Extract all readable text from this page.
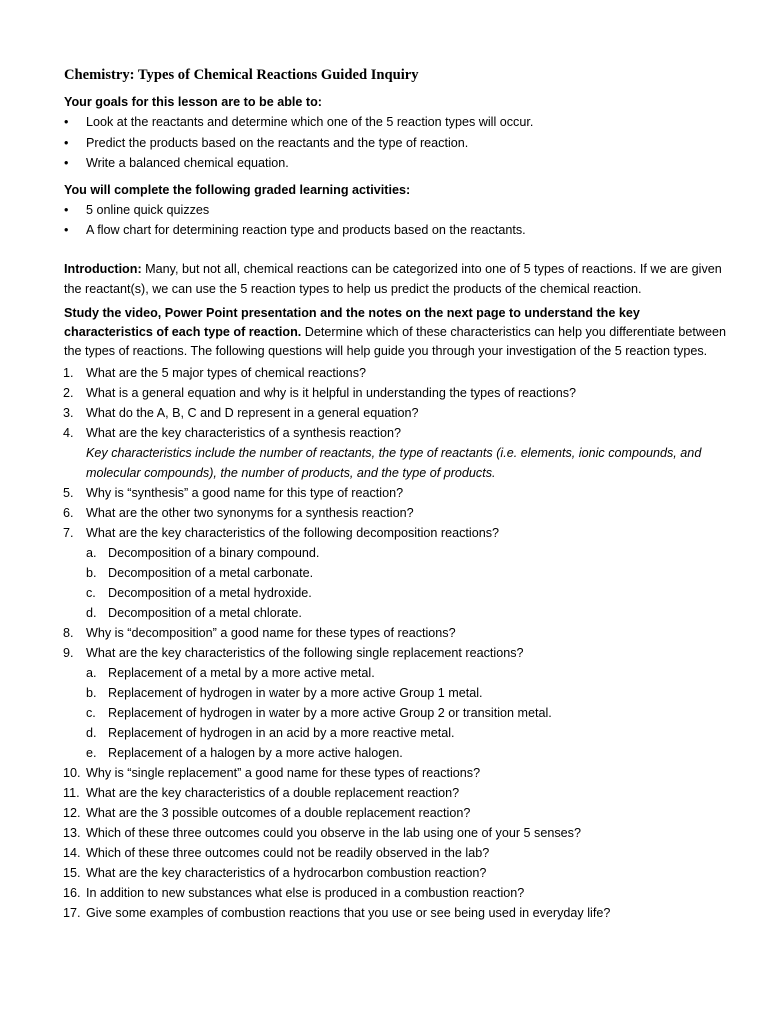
Chemistry: Types of Chemical Reactions Guided Inquiry

Your goals for this lesson are to be able to:

• Look at the reactants and determine which one of the 5 reaction types will occur.
• Predict the products based on the reactants and the type of reaction.
• Write a balanced chemical equation.

You will complete the following graded learning activities:

• 5 online quick quizzes
• A flow chart for determining reaction type and products based on the reactants.

Introduction: Many, but not all, chemical reactions can be categorized into one of 5 types of reactions. If we are given the reactant(s), we can use the 5 reaction types to help us predict the products of the chemical reaction.

Study the video, Power Point presentation and the notes on the next page to understand the key characteristics of each type of reaction. Determine which of these characteristics can help you differentiate between the types of reactions. The following questions will help guide you through your investigation of the 5 reaction types.

1. What are the 5 major types of chemical reactions?
2. What is a general equation and why is it helpful in understanding the types of reactions?
3. What do the A, B, C and D represent in a general equation?
4. What are the key characteristics of a synthesis reaction?
Key characteristics include the number of reactants, the type of reactants (i.e. elements, ionic compounds, and molecular compounds), the number of products, and the type of products.
5. Why is “synthesis” a good name for this type of reaction?
6. What are the other two synonyms for a synthesis reaction?
7. What are the key characteristics of the following decomposition reactions?
a. Decomposition of a binary compound.
b. Decomposition of a metal carbonate.
c. Decomposition of a metal hydroxide.
d. Decomposition of a metal chlorate.
8. Why is “decomposition” a good name for these types of reactions?
9. What are the key characteristics of the following single replacement reactions?
a. Replacement of a metal by a more active metal.
b. Replacement of hydrogen in water by a more active Group 1 metal.
c. Replacement of hydrogen in water by a more active Group 2 or transition metal.
d. Replacement of hydrogen in an acid by a more reactive metal.
e. Replacement of a halogen by a more active halogen.
10. Why is “single replacement” a good name for these types of reactions?
11. What are the key characteristics of a double replacement reaction?
12. What are the 3 possible outcomes of a double replacement reaction?
13. Which of these three outcomes could you observe in the lab using one of your 5 senses?
14. Which of these three outcomes could not be readily observed in the lab?
15. What are the key characteristics of a hydrocarbon combustion reaction?
16. In addition to new substances what else is produced in a combustion reaction?
17. Give some examples of combustion reactions that you use or see being used in everyday life?
